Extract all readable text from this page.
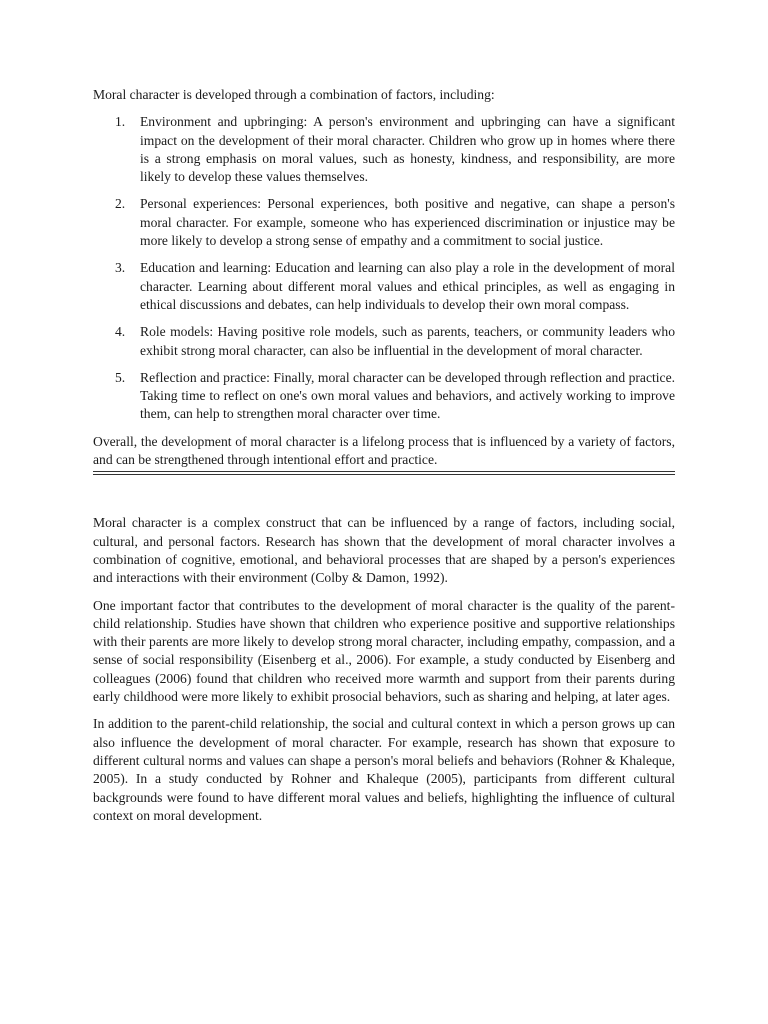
Moral character is developed through a combination of factors, including:

1. Environment and upbringing: A person's environment and upbringing can have a significant impact on the development of their moral character. Children who grow up in homes where there is a strong emphasis on moral values, such as honesty, kindness, and responsibility, are more likely to develop these values themselves.
2. Personal experiences: Personal experiences, both positive and negative, can shape a person's moral character. For example, someone who has experienced discrimination or injustice may be more likely to develop a strong sense of empathy and a commitment to social justice.
3. Education and learning: Education and learning can also play a role in the development of moral character. Learning about different moral values and ethical principles, as well as engaging in ethical discussions and debates, can help individuals to develop their own moral compass.
4. Role models: Having positive role models, such as parents, teachers, or community leaders who exhibit strong moral character, can also be influential in the development of moral character.
5. Reflection and practice: Finally, moral character can be developed through reflection and practice. Taking time to reflect on one's own moral values and behaviors, and actively working to improve them, can help to strengthen moral character over time.

Overall, the development of moral character is a lifelong process that is influenced by a variety of factors, and can be strengthened through intentional effort and practice.

Moral character is a complex construct that can be influenced by a range of factors, including social, cultural, and personal factors. Research has shown that the development of moral character involves a combination of cognitive, emotional, and behavioral processes that are shaped by a person's experiences and interactions with their environment (Colby & Damon, 1992).

One important factor that contributes to the development of moral character is the quality of the parent-child relationship. Studies have shown that children who experience positive and supportive relationships with their parents are more likely to develop strong moral character, including empathy, compassion, and a sense of social responsibility (Eisenberg et al., 2006). For example, a study conducted by Eisenberg and colleagues (2006) found that children who received more warmth and support from their parents during early childhood were more likely to exhibit prosocial behaviors, such as sharing and helping, at later ages.

In addition to the parent-child relationship, the social and cultural context in which a person grows up can also influence the development of moral character. For example, research has shown that exposure to different cultural norms and values can shape a person's moral beliefs and behaviors (Rohner & Khaleque, 2005). In a study conducted by Rohner and Khaleque (2005), participants from different cultural backgrounds were found to have different moral values and beliefs, highlighting the influence of cultural context on moral development.
